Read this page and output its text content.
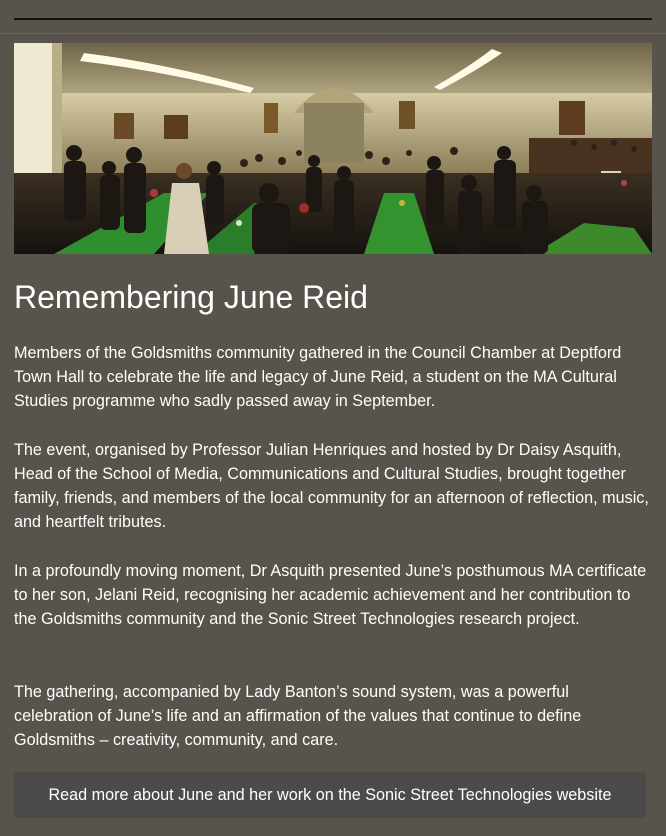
Remembering June Reid

Members of the Goldsmiths community gathered in the Council Chamber at Deptford Town Hall to celebrate the life and legacy of June Reid, a student on the MA Cultural Studies programme who sadly passed away in September.

The event, organised by Professor Julian Henriques and hosted by Dr Daisy Asquith, Head of the School of Media, Communications and Cultural Studies, brought together family, friends, and members of the local community for an afternoon of reflection, music, and heartfelt tributes.

In a profoundly moving moment, Dr Asquith presented June’s posthumous MA certificate to her son, Jelani Reid, recognising her academic achievement and her contribution to the Goldsmiths community and the Sonic Street Technologies research project.

The gathering, accompanied by Lady Banton’s sound system, was a powerful celebration of June’s life and an affirmation of the values that continue to define Goldsmiths – creativity, community, and care.

Read more about June and her work on the Sonic Street Technologies website
